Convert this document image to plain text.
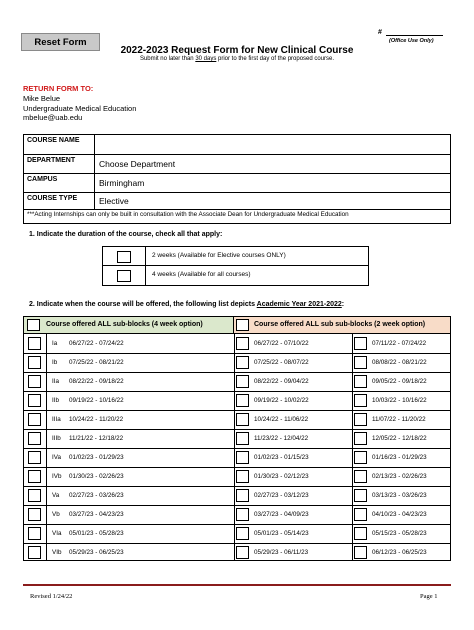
Reset Form
#
(Office Use Only)
2022-2023 Request Form for New Clinical Course
Submit no later than 30 days prior to the first day of the proposed course.
RETURN FORM TO:
Mike Belue
Undergraduate Medical Education
mbelue@uab.edu
COURSE NAME
DEPARTMENT	Choose Department
CAMPUS	Birmingham
COURSE TYPE	Elective
***Acting Internships can only be built in consultation with the Associate Dean for Undergraduate Medical Education
1. Indicate the duration of the course, check all that apply:
2 weeks (Available for Elective courses ONLY)
4 weeks (Available for all courses)
2. Indicate when the course will be offered, the following list depicts Academic Year 2021-2022:
Course offered ALL sub-blocks (4 week option)	Course offered ALL sub sub-blocks (2 week option)
Ia 06/27/22 - 07/24/22	06/27/22 - 07/10/22	07/11/22 - 07/24/22
Ib 07/25/22 - 08/21/22	07/25/22 - 08/07/22	08/08/22 - 08/21/22
IIa 08/22/22 - 09/18/22	08/22/22 - 09/04/22	09/05/22 - 09/18/22
IIb 09/19/22 - 10/16/22	09/19/22 - 10/02/22	10/03/22 - 10/16/22
IIIa 10/24/22 - 11/20/22	10/24/22 - 11/06/22	11/07/22 - 11/20/22
IIIb 11/21/22 - 12/18/22	11/23/22 - 12/04/22	12/05/22 - 12/18/22
IVa 01/02/23 - 01/29/23	01/02/23 - 01/15/23	01/16/23 - 01/29/23
IVb 01/30/23 - 02/26/23	01/30/23 - 02/12/23	02/13/23 - 02/26/23
Va 02/27/23 - 03/26/23	02/27/23 - 03/12/23	03/13/23 - 03/26/23
Vb 03/27/23 - 04/23/23	03/27/23 - 04/09/23	04/10/23 - 04/23/23
VIa 05/01/23 - 05/28/23	05/01/23 - 05/14/23	05/15/23 - 05/28/23
VIb 05/29/23 - 06/25/23	05/29/23 - 06/11/23	06/12/23 - 06/25/23
Revised 1/24/22	Page 1
